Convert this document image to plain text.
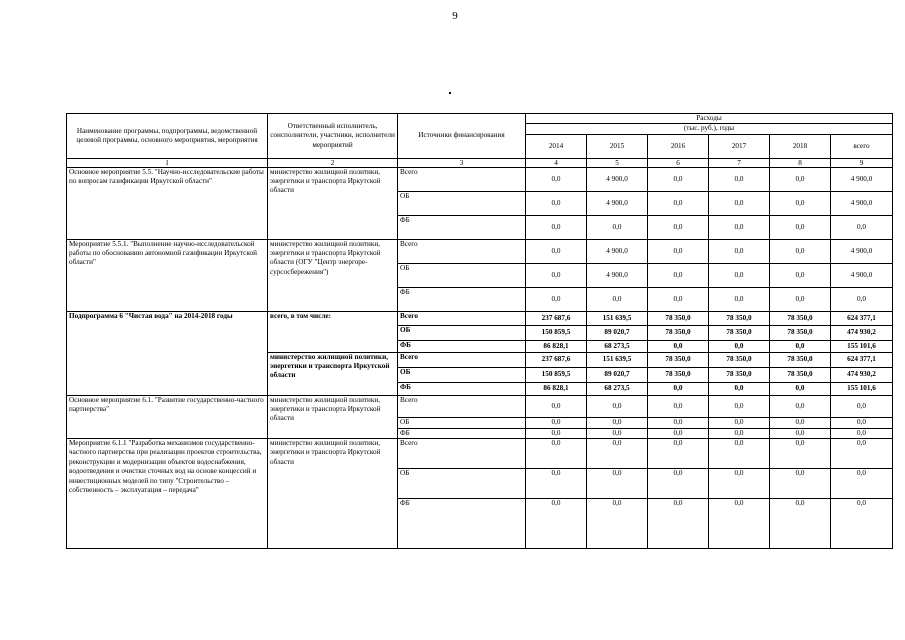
9
Наименование программы, подпрограммы, ведомственной целевой программы, основного мероприятия, мероприятия	Ответственный исполнитель, соисполнители, участники, исполнители мероприятий	Источники финансирования	Расходы					
			(тыс. руб.), годы					
			2014	2015	2016	2017	2018	всего
1	2	3	4	5	6	7	8	9
Основное мероприятие 5.5. "Научно-исследовательские работы по вопросам газификации Иркутской области"	министерство жилищной политики, энергетики и транспорта Иркутской области	Всего	0,0	4 900,0	0,0	0,0	0,0	4 900,0
		ОБ	0,0	4 900,0	0,0	0,0	0,0	4 900,0
		ФБ	0,0	0,0	0,0	0,0	0,0	0,0
Мероприятие 5.5.1. "Выполнение научно-исследовательской работы по обоснованию автономной газификации Иркутской области"	министерство жилищной политики, энергетики и транспорта Иркутской области (ОГУ "Центр энергоре-сурсосбережения")	Всего	0,0	4 900,0	0,0	0,0	0,0	4 900,0
		ОБ	0,0	4 900,0	0,0	0,0	0,0	4 900,0
		ФБ	0,0	0,0	0,0	0,0	0,0	0,0
Подпрограмма 6 "Чистая вода" на 2014-2018 годы	всего, в том числе:	Всего	237 687,6	151 639,5	78 350,0	78 350,0	78 350,0	624 377,1
		ОБ	150 859,5	89 020,7	78 350,0	78 350,0	78 350,0	474 930,2
		ФБ	86 828,1	68 273,5	0,0	0,0	0,0	155 101,6
	министерство жилищной политики, энергетики и транспорта Иркутской области	Всего	237 687,6	151 639,5	78 350,0	78 350,0	78 350,0	624 377,1
		ОБ	150 859,5	89 020,7	78 350,0	78 350,0	78 350,0	474 930,2
		ФБ	86 828,1	68 273,5	0,0	0,0	0,0	155 101,6
Основное мероприятие 6.1. "Развитие государственно-частного партнерства"	министерство жилищной политики, энергетики и транспорта Иркутской области	Всего	0,0	0,0	0,0	0,0	0,0	0,0
		ОБ	0,0	0,0	0,0	0,0	0,0	0,0
		ФБ	0,0	0,0	0,0	0,0	0,0	0,0
Мероприятие 6.1.1 "Разработка механизмов государственно-частного партнерства при реализации проектов строительства, реконструкции и модернизации объектов водоснабжения, водоотведения и очистки сточных вод на основе концессий и инвестиционных моделей по типу "Строительство – собственность – эксплуатация – передача"	министерство жилищной политики, энергетики и транспорта Иркутской области	Всего	0,0	0,0	0,0	0,0	0,0	0,0
		ОБ	0,0	0,0	0,0	0,0	0,0	0,0
		ФБ	0,0	0,0	0,0	0,0	0,0	0,0
